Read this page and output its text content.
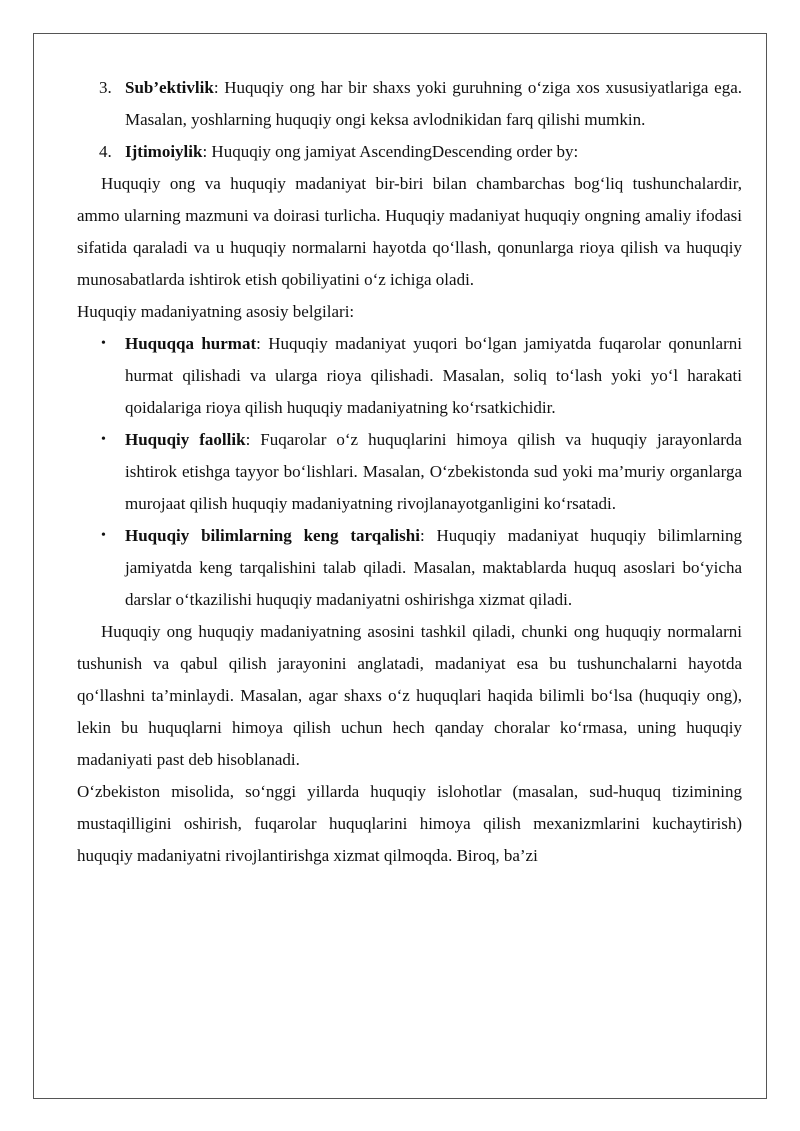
3. Sub’ektivlik: Huquqiy ong har bir shaxs yoki guruhning o‘ziga xos xususiyatlariga ega. Masalan, yoshlarning huquqiy ongi keksa avlodnikidan farq qilishi mumkin.
4. Ijtimoiylik: Huquqiy ong jamiyat AscendingDescending order by:

Huquqiy ong va huquqiy madaniyat bir-biri bilan chambarchas bog‘liq tushunchalardir, ammo ularning mazmuni va doirasi turlicha. Huquqiy madaniyat huquqiy ongning amaliy ifodasi sifatida qaraladi va u huquqiy normalarni hayotda qo‘llash, qonunlarga rioya qilish va huquqiy munosabatlarda ishtirok etish qobiliyatini o‘z ichiga oladi.

Huquqiy madaniyatning asosiy belgilari:

• Huquqqa hurmat: Huquqiy madaniyat yuqori bo‘lgan jamiyatda fuqarolar qonunlarni hurmat qilishadi va ularga rioya qilishadi. Masalan, soliq to‘lash yoki yo‘l harakati qoidalariga rioya qilish huquqiy madaniyatning ko‘rsatkichidir.
• Huquqiy faollik: Fuqarolar o‘z huquqlarini himoya qilish va huquqiy jarayonlarda ishtirok etishga tayyor bo‘lishlari. Masalan, O‘zbekistonda sud yoki ma’muriy organlarga murojaat qilish huquqiy madaniyatning rivojlanayotganligini ko‘rsatadi.
• Huquqiy bilimlarning keng tarqalishi: Huquqiy madaniyat huquqiy bilimlarning jamiyatda keng tarqalishini talab qiladi. Masalan, maktablarda huquq asoslari bo‘yicha darslar o‘tkazilishi huquqiy madaniyatni oshirishga xizmat qiladi.

Huquqiy ong huquqiy madaniyatning asosini tashkil qiladi, chunki ong huquqiy normalarni tushunish va qabul qilish jarayonini anglatadi, madaniyat esa bu tushunchalarni hayotda qo‘llashni ta’minlaydi. Masalan, agar shaxs o‘z huquqlari haqida bilimli bo‘lsa (huquqiy ong), lekin bu huquqlarni himoya qilish uchun hech qanday choralar ko‘rmasa, uning huquqiy madaniyati past deb hisoblanadi.

O‘zbekiston misolida, so‘nggi yillarda huquqiy islohotlar (masalan, sud-huquq tizimining mustaqilligini oshirish, fuqarolar huquqlarini himoya qilish mexanizmlarini kuchaytirish) huquqiy madaniyatni rivojlantirishga xizmat qilmoqda. Biroq, ba’zi
